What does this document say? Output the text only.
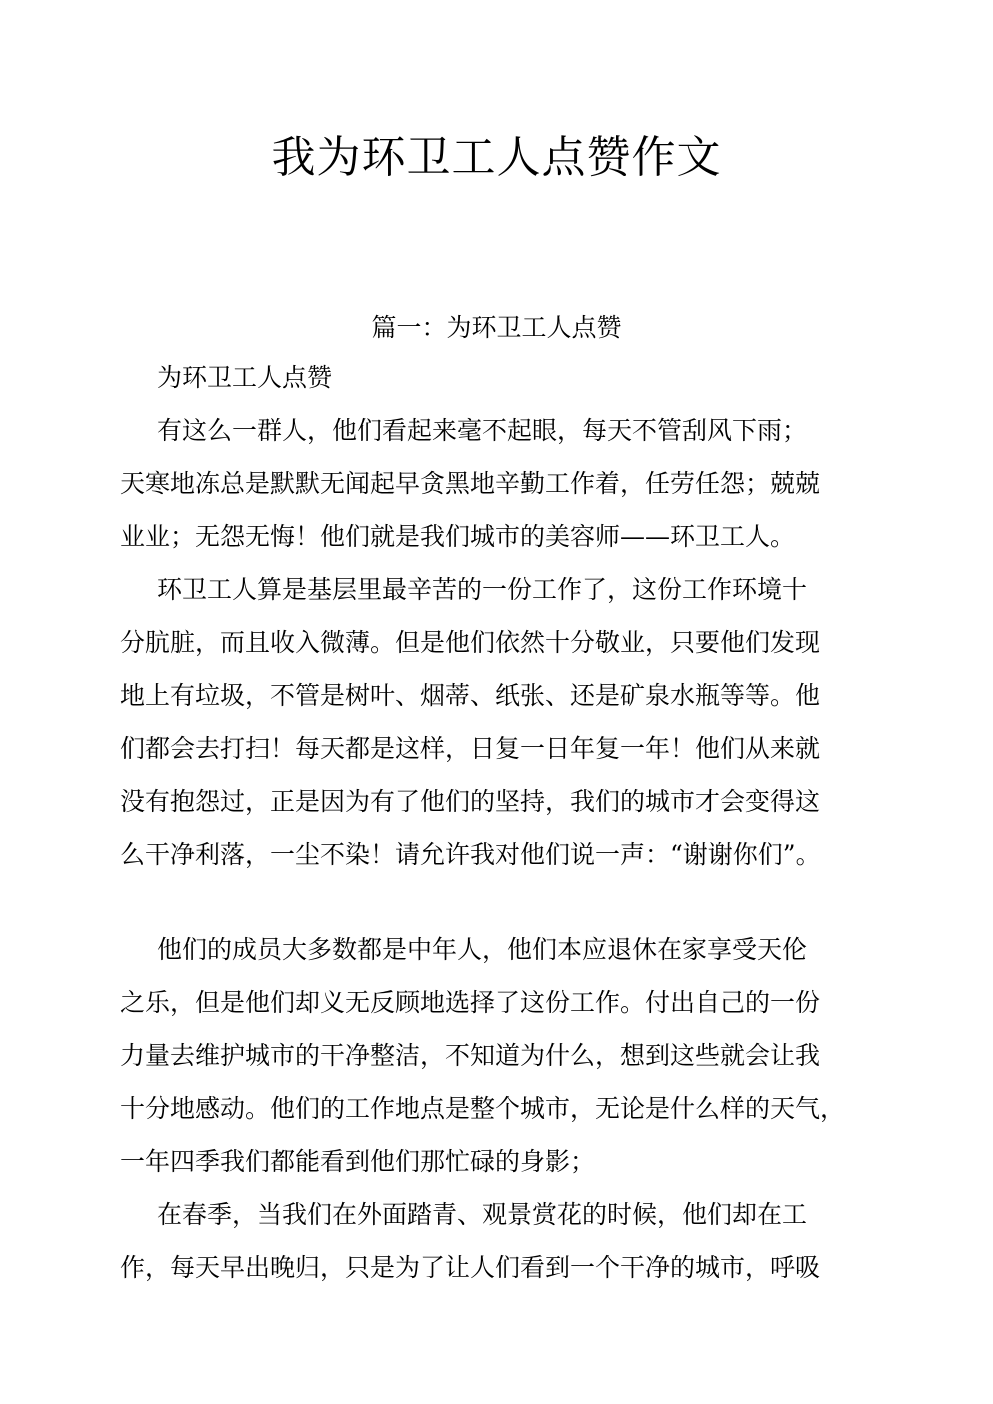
我为环卫工人点赞作文
篇一：为环卫工人点赞

为环卫工人点赞

有这么一群人，他们看起来毫不起眼，每天不管刮风下雨；

天寒地冻总是默默无闻起早贪黑地辛勤工作着，任劳任怨；兢兢

业业；无怨无悔！他们就是我们城市的美容师——环卫工人。

环卫工人算是基层里最辛苦的一份工作了，这份工作环境十

分肮脏，而且收入微薄。但是他们依然十分敬业，只要他们发现

地上有垃圾，不管是树叶、烟蒂、纸张、还是矿泉水瓶等等。他

们都会去打扫！每天都是这样，日复一日年复一年！他们从来就

没有抱怨过，正是因为有了他们的坚持，我们的城市才会变得这

么干净利落，一尘不染！请允许我对他们说一声：“谢谢你们”。

他们的成员大多数都是中年人，他们本应退休在家享受天伦

之乐，但是他们却义无反顾地选择了这份工作。付出自己的一份

力量去维护城市的干净整洁，不知道为什么，想到这些就会让我

十分地感动。他们的工作地点是整个城市，无论是什么样的天气，

一年四季我们都能看到他们那忙碌的身影；

在春季，当我们在外面踏青、观景赏花的时候，他们却在工

作，每天早出晚归，只是为了让人们看到一个干净的城市，呼吸
